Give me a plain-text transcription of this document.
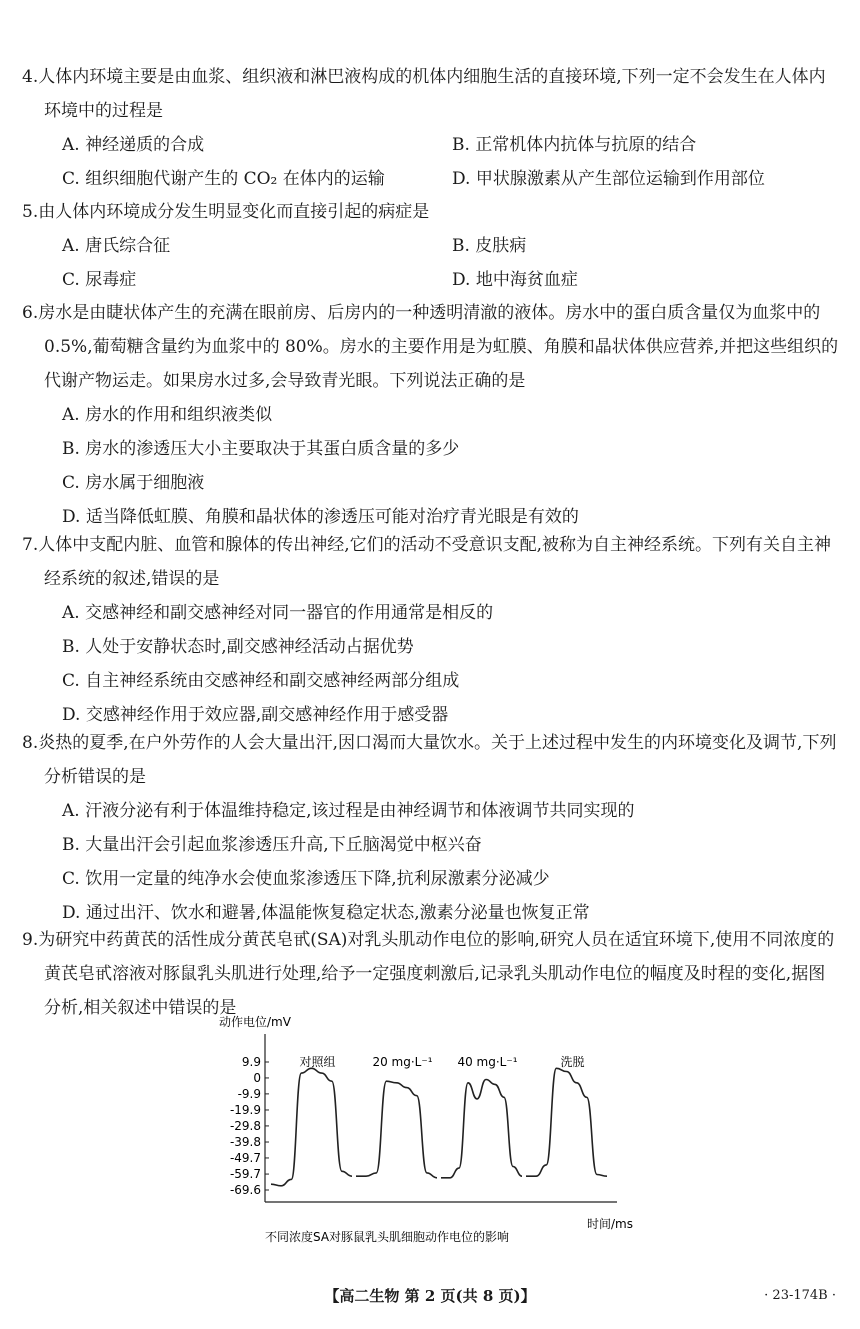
4.人体内环境主要是由血浆、组织液和淋巴液构成的机体内细胞生活的直接环境,下列一定不会发生在人体内环境中的过程是
A. 神经递质的合成	B. 正常机体内抗体与抗原的结合
C. 组织细胞代谢产生的 CO₂ 在体内的运输	D. 甲状腺激素从产生部位运输到作用部位
5.由人体内环境成分发生明显变化而直接引起的病症是
A. 唐氏综合征	B. 皮肤病
C. 尿毒症	D. 地中海贫血症
6.房水是由睫状体产生的充满在眼前房、后房内的一种透明清澈的液体。房水中的蛋白质含量仅为血浆中的 0.5%,葡萄糖含量约为血浆中的 80%。房水的主要作用是为虹膜、角膜和晶状体供应营养,并把这些组织的代谢产物运走。如果房水过多,会导致青光眼。下列说法正确的是
A. 房水的作用和组织液类似
B. 房水的渗透压大小主要取决于其蛋白质含量的多少
C. 房水属于细胞液
D. 适当降低虹膜、角膜和晶状体的渗透压可能对治疗青光眼是有效的
7.人体中支配内脏、血管和腺体的传出神经,它们的活动不受意识支配,被称为自主神经系统。下列有关自主神经系统的叙述,错误的是
A. 交感神经和副交感神经对同一器官的作用通常是相反的
B. 人处于安静状态时,副交感神经活动占据优势
C. 自主神经系统由交感神经和副交感神经两部分组成
D. 交感神经作用于效应器,副交感神经作用于感受器
8.炎热的夏季,在户外劳作的人会大量出汗,因口渴而大量饮水。关于上述过程中发生的内环境变化及调节,下列分析错误的是
A. 汗液分泌有利于体温维持稳定,该过程是由神经调节和体液调节共同实现的
B. 大量出汗会引起血浆渗透压升高,下丘脑渴觉中枢兴奋
C. 饮用一定量的纯净水会使血浆渗透压下降,抗利尿激素分泌减少
D. 通过出汗、饮水和避暑,体温能恢复稳定状态,激素分泌量也恢复正常
9.为研究中药黄芪的活性成分黄芪皂甙(SA)对乳头肌动作电位的影响,研究人员在适宜环境下,使用不同浓度的黄芪皂甙溶液对豚鼠乳头肌进行处理,给予一定强度刺激后,记录乳头肌动作电位的幅度及时程的变化,据图分析,相关叙述中错误的是
动作电位/mV
9.9
0
-9.9
-19.9
-29.8
-39.8
-49.7
-59.7
-69.6
对照组	20 mg·L⁻¹ 40 mg·L⁻¹	洗脱
时间/ms
不同浓度SA对豚鼠乳头肌细胞动作电位的影响
【高二生物 第 2 页(共 8 页)】	· 23-174B ·
